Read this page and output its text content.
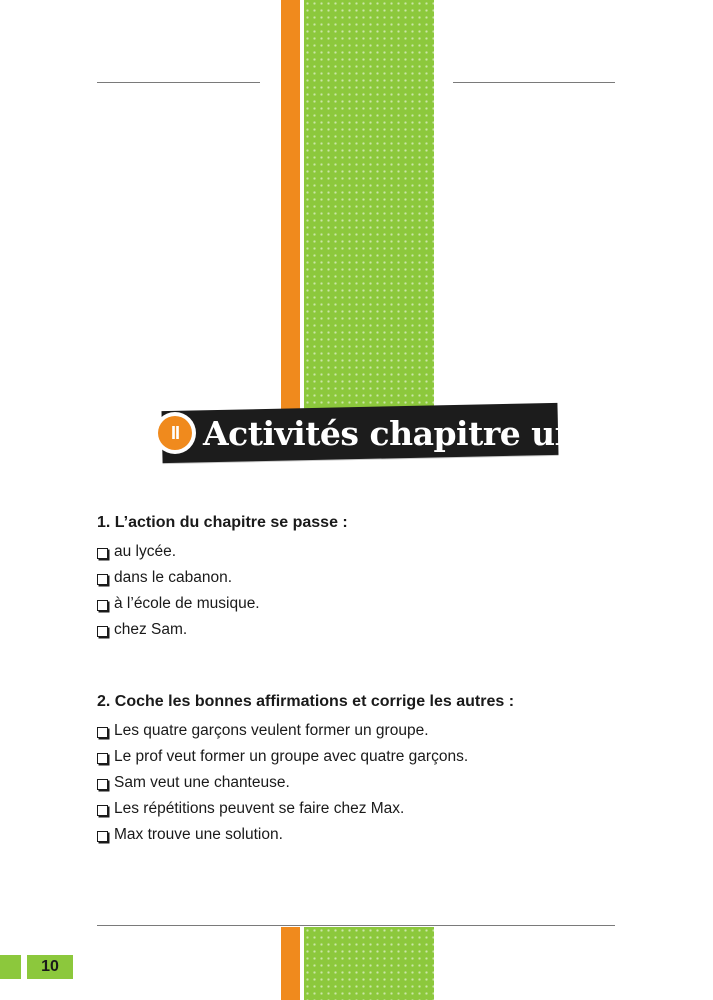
II Activités chapitre un
1. L’action du chapitre se passe :
au lycée.
dans le cabanon.
à l’école de musique.
chez Sam.
2. Coche les bonnes affirmations et corrige les autres :
Les quatre garçons veulent former un groupe.
Le prof veut former un groupe avec quatre garçons.
Sam veut une chanteuse.
Les répétitions peuvent se faire chez Max.
Max trouve une solution.
10
